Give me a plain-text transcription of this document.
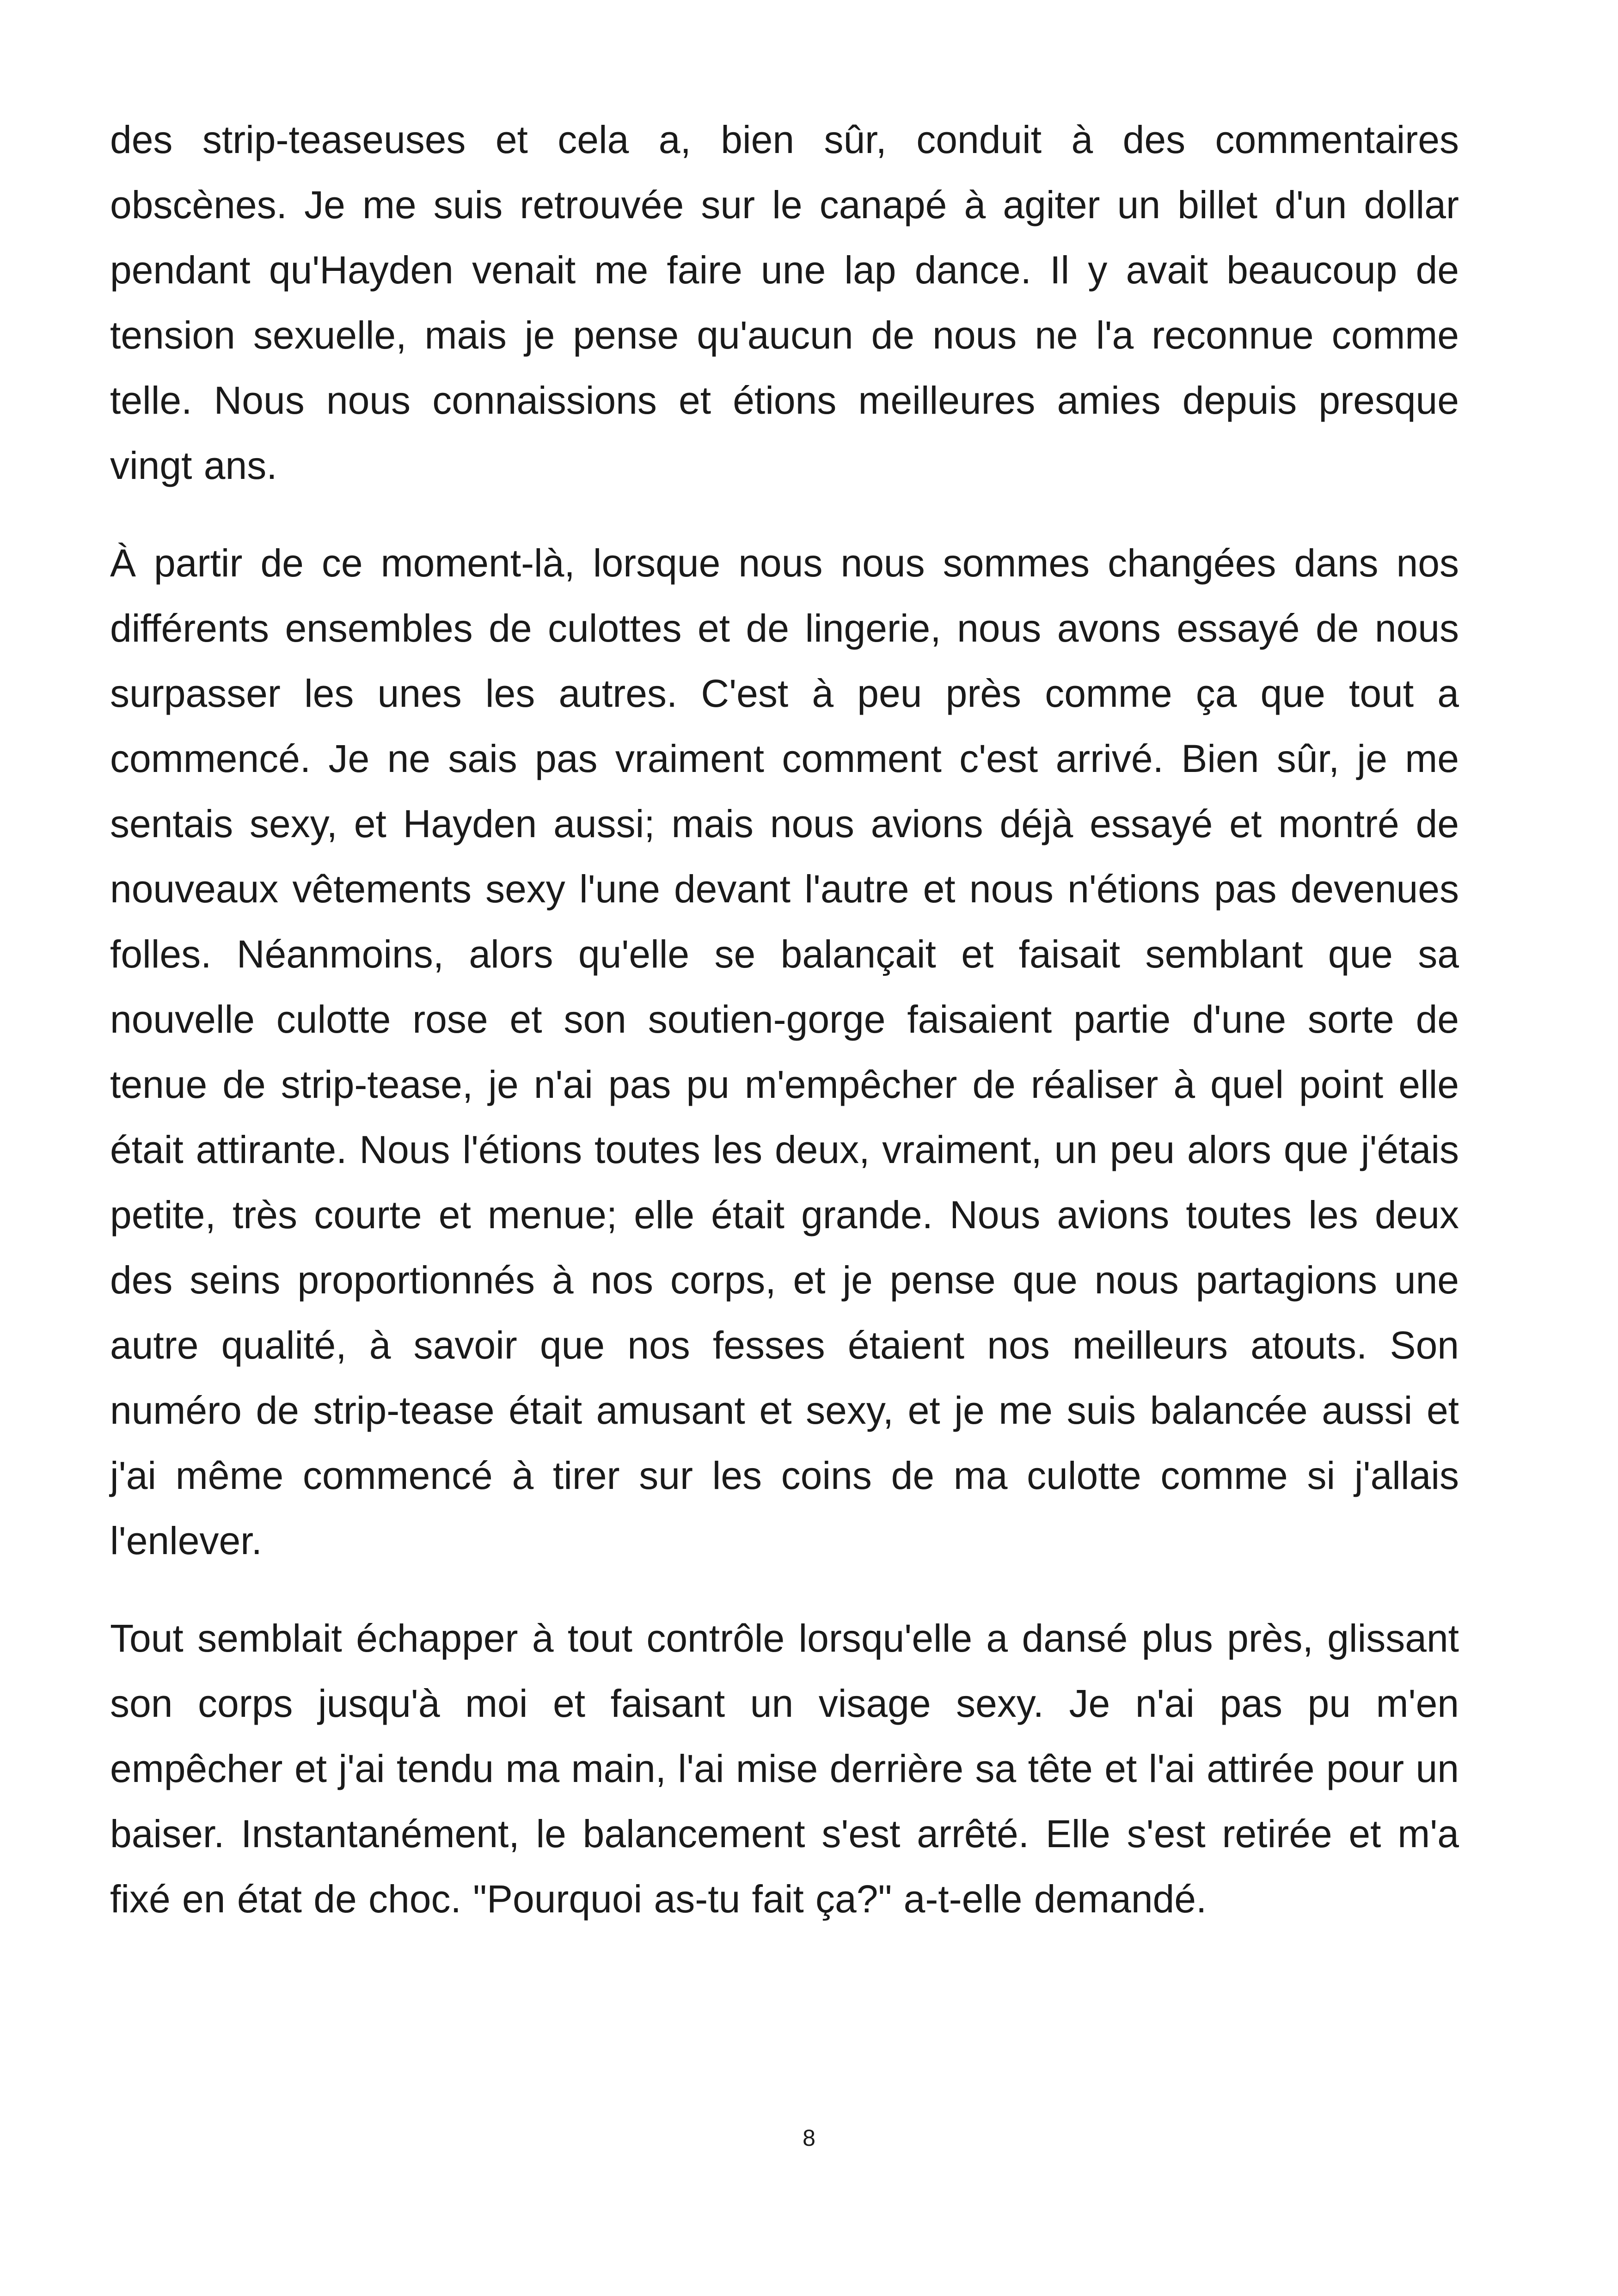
des strip-teaseuses et cela a, bien sûr, conduit à des commentaires obscènes. Je me suis retrouvée sur le canapé à agiter un billet d'un dollar pendant qu'Hayden venait me faire une lap dance. Il y avait beaucoup de tension sexuelle, mais je pense qu'aucun de nous ne l'a reconnue comme telle. Nous nous connaissions et étions meilleures amies depuis presque vingt ans.

À partir de ce moment-là, lorsque nous nous sommes changées dans nos différents ensembles de culottes et de lingerie, nous avons essayé de nous surpasser les unes les autres. C'est à peu près comme ça que tout a commencé. Je ne sais pas vraiment comment c'est arrivé. Bien sûr, je me sentais sexy, et Hayden aussi; mais nous avions déjà essayé et montré de nouveaux vêtements sexy l'une devant l'autre et nous n'étions pas devenues folles. Néanmoins, alors qu'elle se balançait et faisait semblant que sa nouvelle culotte rose et son soutien-gorge faisaient partie d'une sorte de tenue de strip-tease, je n'ai pas pu m'empêcher de réaliser à quel point elle était attirante. Nous l'étions toutes les deux, vraiment, un peu alors que j'étais petite, très courte et menue; elle était grande. Nous avions toutes les deux des seins proportionnés à nos corps, et je pense que nous partagions une autre qualité, à savoir que nos fesses étaient nos meilleurs atouts. Son numéro de strip-tease était amusant et sexy, et je me suis balancée aussi et j'ai même commencé à tirer sur les coins de ma culotte comme si j'allais l'enlever.

Tout semblait échapper à tout contrôle lorsqu'elle a dansé plus près, glissant son corps jusqu'à moi et faisant un visage sexy. Je n'ai pas pu m'en empêcher et j'ai tendu ma main, l'ai mise derrière sa tête et l'ai attirée pour un baiser. Instantanément, le balancement s'est arrêté. Elle s'est retirée et m'a fixé en état de choc. "Pourquoi as-tu fait ça?" a-t-elle demandé.

8
